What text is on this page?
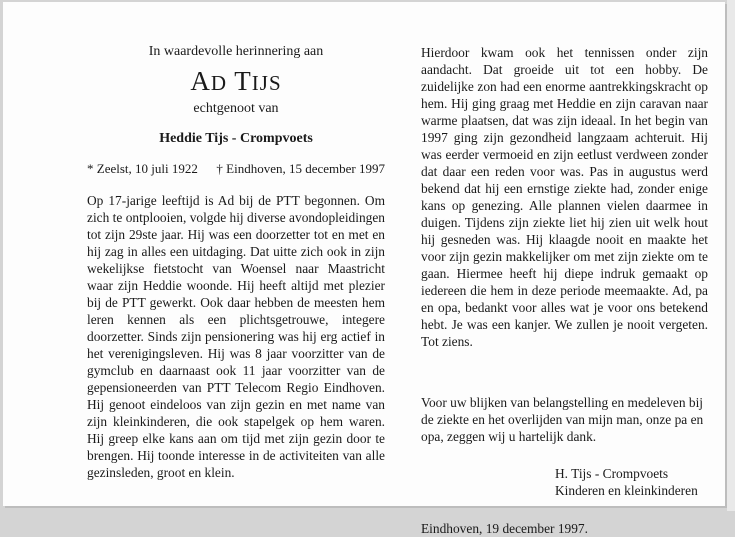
In waardevolle herinnering aan

AD TIJS

echtgenoot van

Heddie Tijs - Crompvoets

* Zeelst, 10 juli 1922 † Eindhoven, 15 december 1997

Op 17-jarige leeftijd is Ad bij de PTT begonnen. Om zich te ontplooien, volgde hij diverse avondopleidingen tot zijn 29ste jaar. Hij was een doorzetter tot en met en hij zag in alles een uitdaging. Dat uitte zich ook in zijn wekelijkse fietstocht van Woensel naar Maastricht waar zijn Heddie woonde. Hij heeft altijd met plezier bij de PTT gewerkt. Ook daar hebben de meesten hem leren kennen als een plichtsgetrouwe, integere doorzetter. Sinds zijn pensionering was hij erg actief in het verenigingsleven. Hij was 8 jaar voorzitter van de gymclub en daarnaast ook 11 jaar voorzitter van de gepensioneerden van PTT Telecom Regio Eindhoven. Hij genoot eindeloos van zijn gezin en met name van zijn kleinkinderen, die ook stapelgek op hem waren. Hij greep elke kans aan om tijd met zijn gezin door te brengen. Hij toonde interesse in de activiteiten van alle gezinsleden, groot en klein.

Hierdoor kwam ook het tennissen onder zijn aandacht. Dat groeide uit tot een hobby. De zuidelijke zon had een enorme aantrekkingskracht op hem. Hij ging graag met Heddie en zijn caravan naar warme plaatsen, dat was zijn ideaal. In het begin van 1997 ging zijn gezondheid langzaam achteruit. Hij was eerder vermoeid en zijn eetlust verdween zonder dat daar een reden voor was. Pas in augustus werd bekend dat hij een ernstige ziekte had, zonder enige kans op genezing. Alle plannen vielen daarmee in duigen. Tijdens zijn ziekte liet hij zien uit welk hout hij gesneden was. Hij klaagde nooit en maakte het voor zijn gezin makkelijker om met zijn ziekte om te gaan. Hiermee heeft hij diepe indruk gemaakt op iedereen die hem in deze periode meemaakte. Ad, pa en opa, bedankt voor alles wat je voor ons betekend hebt. Je was een kanjer. We zullen je nooit vergeten. Tot ziens.

Voor uw blijken van belangstelling en medeleven bij de ziekte en het overlijden van mijn man, onze pa en opa, zeggen wij u hartelijk dank.

H. Tijs - Crompvoets
Kinderen en kleinkinderen

Eindhoven, 19 december 1997.
